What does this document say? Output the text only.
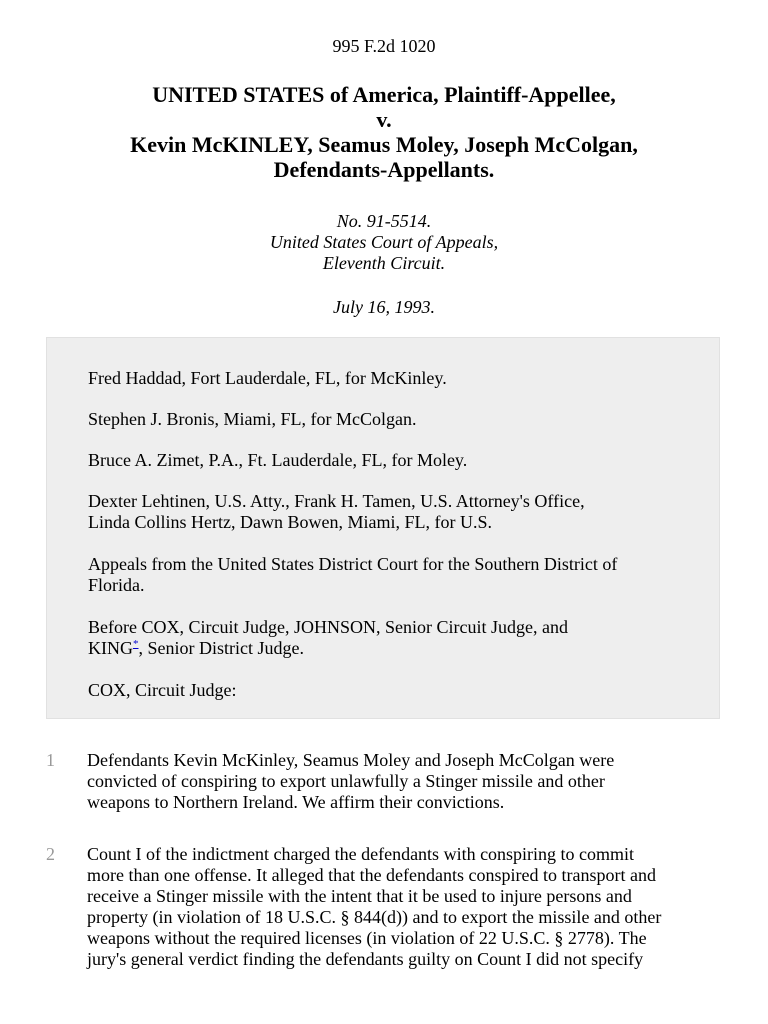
995 F.2d 1020
UNITED STATES of America, Plaintiff-Appellee,
v.
Kevin McKINLEY, Seamus Moley, Joseph McColgan,
Defendants-Appellants.
No. 91-5514.
United States Court of Appeals,
Eleventh Circuit.
July 16, 1993.

Fred Haddad, Fort Lauderdale, FL, for McKinley.

Stephen J. Bronis, Miami, FL, for McColgan.

Bruce A. Zimet, P.A., Ft. Lauderdale, FL, for Moley.

Dexter Lehtinen, U.S. Atty., Frank H. Tamen, U.S. Attorney's Office,
Linda Collins Hertz, Dawn Bowen, Miami, FL, for U.S.

Appeals from the United States District Court for the Southern District of
Florida.

Before COX, Circuit Judge, JOHNSON, Senior Circuit Judge, and
KING*, Senior District Judge.

COX, Circuit Judge:

1 Defendants Kevin McKinley, Seamus Moley and Joseph McColgan were
convicted of conspiring to export unlawfully a Stinger missile and other
weapons to Northern Ireland. We affirm their convictions.
2 Count I of the indictment charged the defendants with conspiring to commit
more than one offense. It alleged that the defendants conspired to transport and
receive a Stinger missile with the intent that it be used to injure persons and
property (in violation of 18 U.S.C. § 844(d)) and to export the missile and other
weapons without the required licenses (in violation of 22 U.S.C. § 2778). The
jury's general verdict finding the defendants guilty on Count I did not specify
